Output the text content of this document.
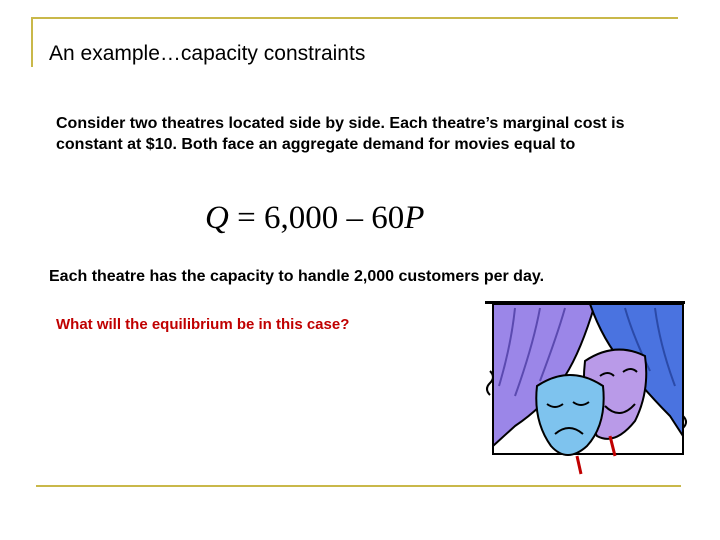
An example…capacity constraints
Consider two theatres located side by side. Each theatre’s marginal cost is constant at $10. Both face an aggregate demand for movies equal to
Q = 6,000 – 60P
Each theatre has the capacity to handle 2,000 customers per day.
What will the equilibrium be in this case?
